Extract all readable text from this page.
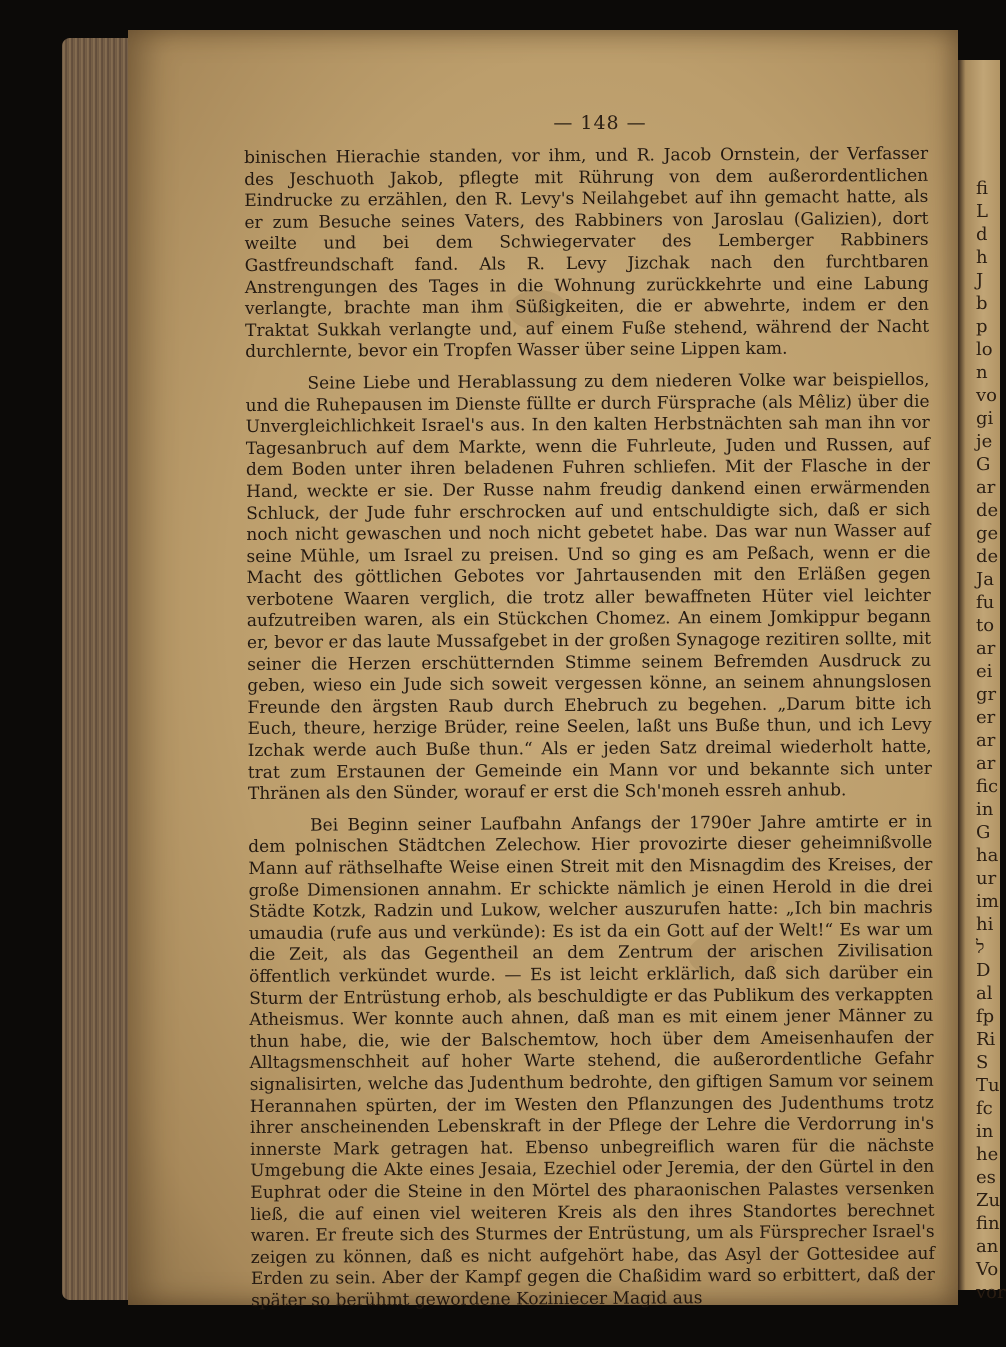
— 148 —

binischen Hierachie standen, vor ihm, und R. Jacob Ornstein, der Verfasser des Jeschuoth Jakob, pflegte mit Rührung von dem außerordentlichen Eindrucke zu erzählen, den R. Levy's Neilahgebet auf ihn gemacht hatte, als er zum Besuche seines Vaters, des Rabbiners von Jaroslau (Galizien), dort weilte und bei dem Schwiegervater des Lemberger Rabbiners Gastfreundschaft fand. Als R. Levy Jizchak nach den furchtbaren Anstrengungen des Tages in die Wohnung zurückkehrte und eine Labung verlangte, brachte man ihm Süßigkeiten, die er abwehrte, indem er den Traktat Sukkah verlangte und, auf einem Fuße stehend, während der Nacht durchlernte, bevor ein Tropfen Wasser über seine Lippen kam.

Seine Liebe und Herablassung zu dem niederen Volke war beispiellos, und die Ruhepausen im Dienste füllte er durch Fürsprache (als Mêliz) über die Unvergleichlichkeit Israel's aus. In den kalten Herbstnächten sah man ihn vor Tagesanbruch auf dem Markte, wenn die Fuhrleute, Juden und Russen, auf dem Boden unter ihren beladenen Fuhren schliefen. Mit der Flasche in der Hand, weckte er sie. Der Russe nahm freudig dankend einen erwärmenden Schluck, der Jude fuhr erschrocken auf und entschuldigte sich, daß er sich noch nicht gewaschen und noch nicht gebetet habe. Das war nun Wasser auf seine Mühle, um Israel zu preisen. Und so ging es am Peßach, wenn er die Macht des göttlichen Gebotes vor Jahrtausenden mit den Erläßen gegen verbotene Waaren verglich, die trotz aller bewaffneten Hüter viel leichter aufzutreiben waren, als ein Stückchen Chomez. An einem Jomkippur begann er, bevor er das laute Mussafgebet in der großen Synagoge rezitiren sollte, mit seiner die Herzen erschütternden Stimme seinem Befremden Ausdruck zu geben, wieso ein Jude sich soweit vergessen könne, an seinem ahnungslosen Freunde den ärgsten Raub durch Ehebruch zu begehen. „Darum bitte ich Euch, theure, herzige Brüder, reine Seelen, laßt uns Buße thun, und ich Levy Izchak werde auch Buße thun.“ Als er jeden Satz dreimal wiederholt hatte, trat zum Erstaunen der Gemeinde ein Mann vor und bekannte sich unter Thränen als den Sünder, worauf er erst die Sch'moneh essreh anhub.

Bei Beginn seiner Laufbahn Anfangs der 1790er Jahre amtirte er in dem polnischen Städtchen Zelechow. Hier provozirte dieser geheimnißvolle Mann auf räthselhafte Weise einen Streit mit den Misnagdim des Kreises, der große Dimensionen annahm. Er schickte nämlich je einen Herold in die drei Städte Kotzk, Radzin und Lukow, welcher auszurufen hatte: „Ich bin machris umaudia (rufe aus und verkünde): Es ist da ein Gott auf der Welt!“ Es war um die Zeit, als das Gegentheil an dem Zentrum der arischen Zivilisation öffentlich verkündet wurde. — Es ist leicht erklärlich, daß sich darüber ein Sturm der Entrüstung erhob, als beschuldigte er das Publikum des verkappten Atheismus. Wer konnte auch ahnen, daß man es mit einem jener Männer zu thun habe, die, wie der Balschemtow, hoch über dem Ameisenhaufen der Alltagsmenschheit auf hoher Warte stehend, die außerordentliche Gefahr signalisirten, welche das Judenthum bedrohte, den giftigen Samum vor seinem Herannahen spürten, der im Westen den Pflanzungen des Judenthums trotz ihrer anscheinenden Lebenskraft in der Pflege der Lehre die Verdorrung in's innerste Mark getragen hat. Ebenso unbegreiflich waren für die nächste Umgebung die Akte eines Jesaia, Ezechiel oder Jeremia, der den Gürtel in den Euphrat oder die Steine in den Mörtel des pharaonischen Palastes versenken ließ, die auf einen viel weiteren Kreis als den ihres Standortes berechnet waren. Er freute sich des Sturmes der Entrüstung, um als Fürsprecher Israel's zeigen zu können, daß es nicht aufgehört habe, das Asyl der Gottesidee auf Erden zu sein. Aber der Kampf gegen die Chaßidim ward so erbittert, daß der später so berühmt gewordene Koziniecer Magid aus

fi
L
d
h
J
b
p
lo
n
vo
gi
je
G
ar
de
ge
de
Ja
fu
to
ar
ei
gr
er
ar
ar
fic
in
G
ha
ur
im
hi
ל
D
al
fp
Ri
S
Tu
fc
in
he
es
Zu
fin
an
Vo
vor
